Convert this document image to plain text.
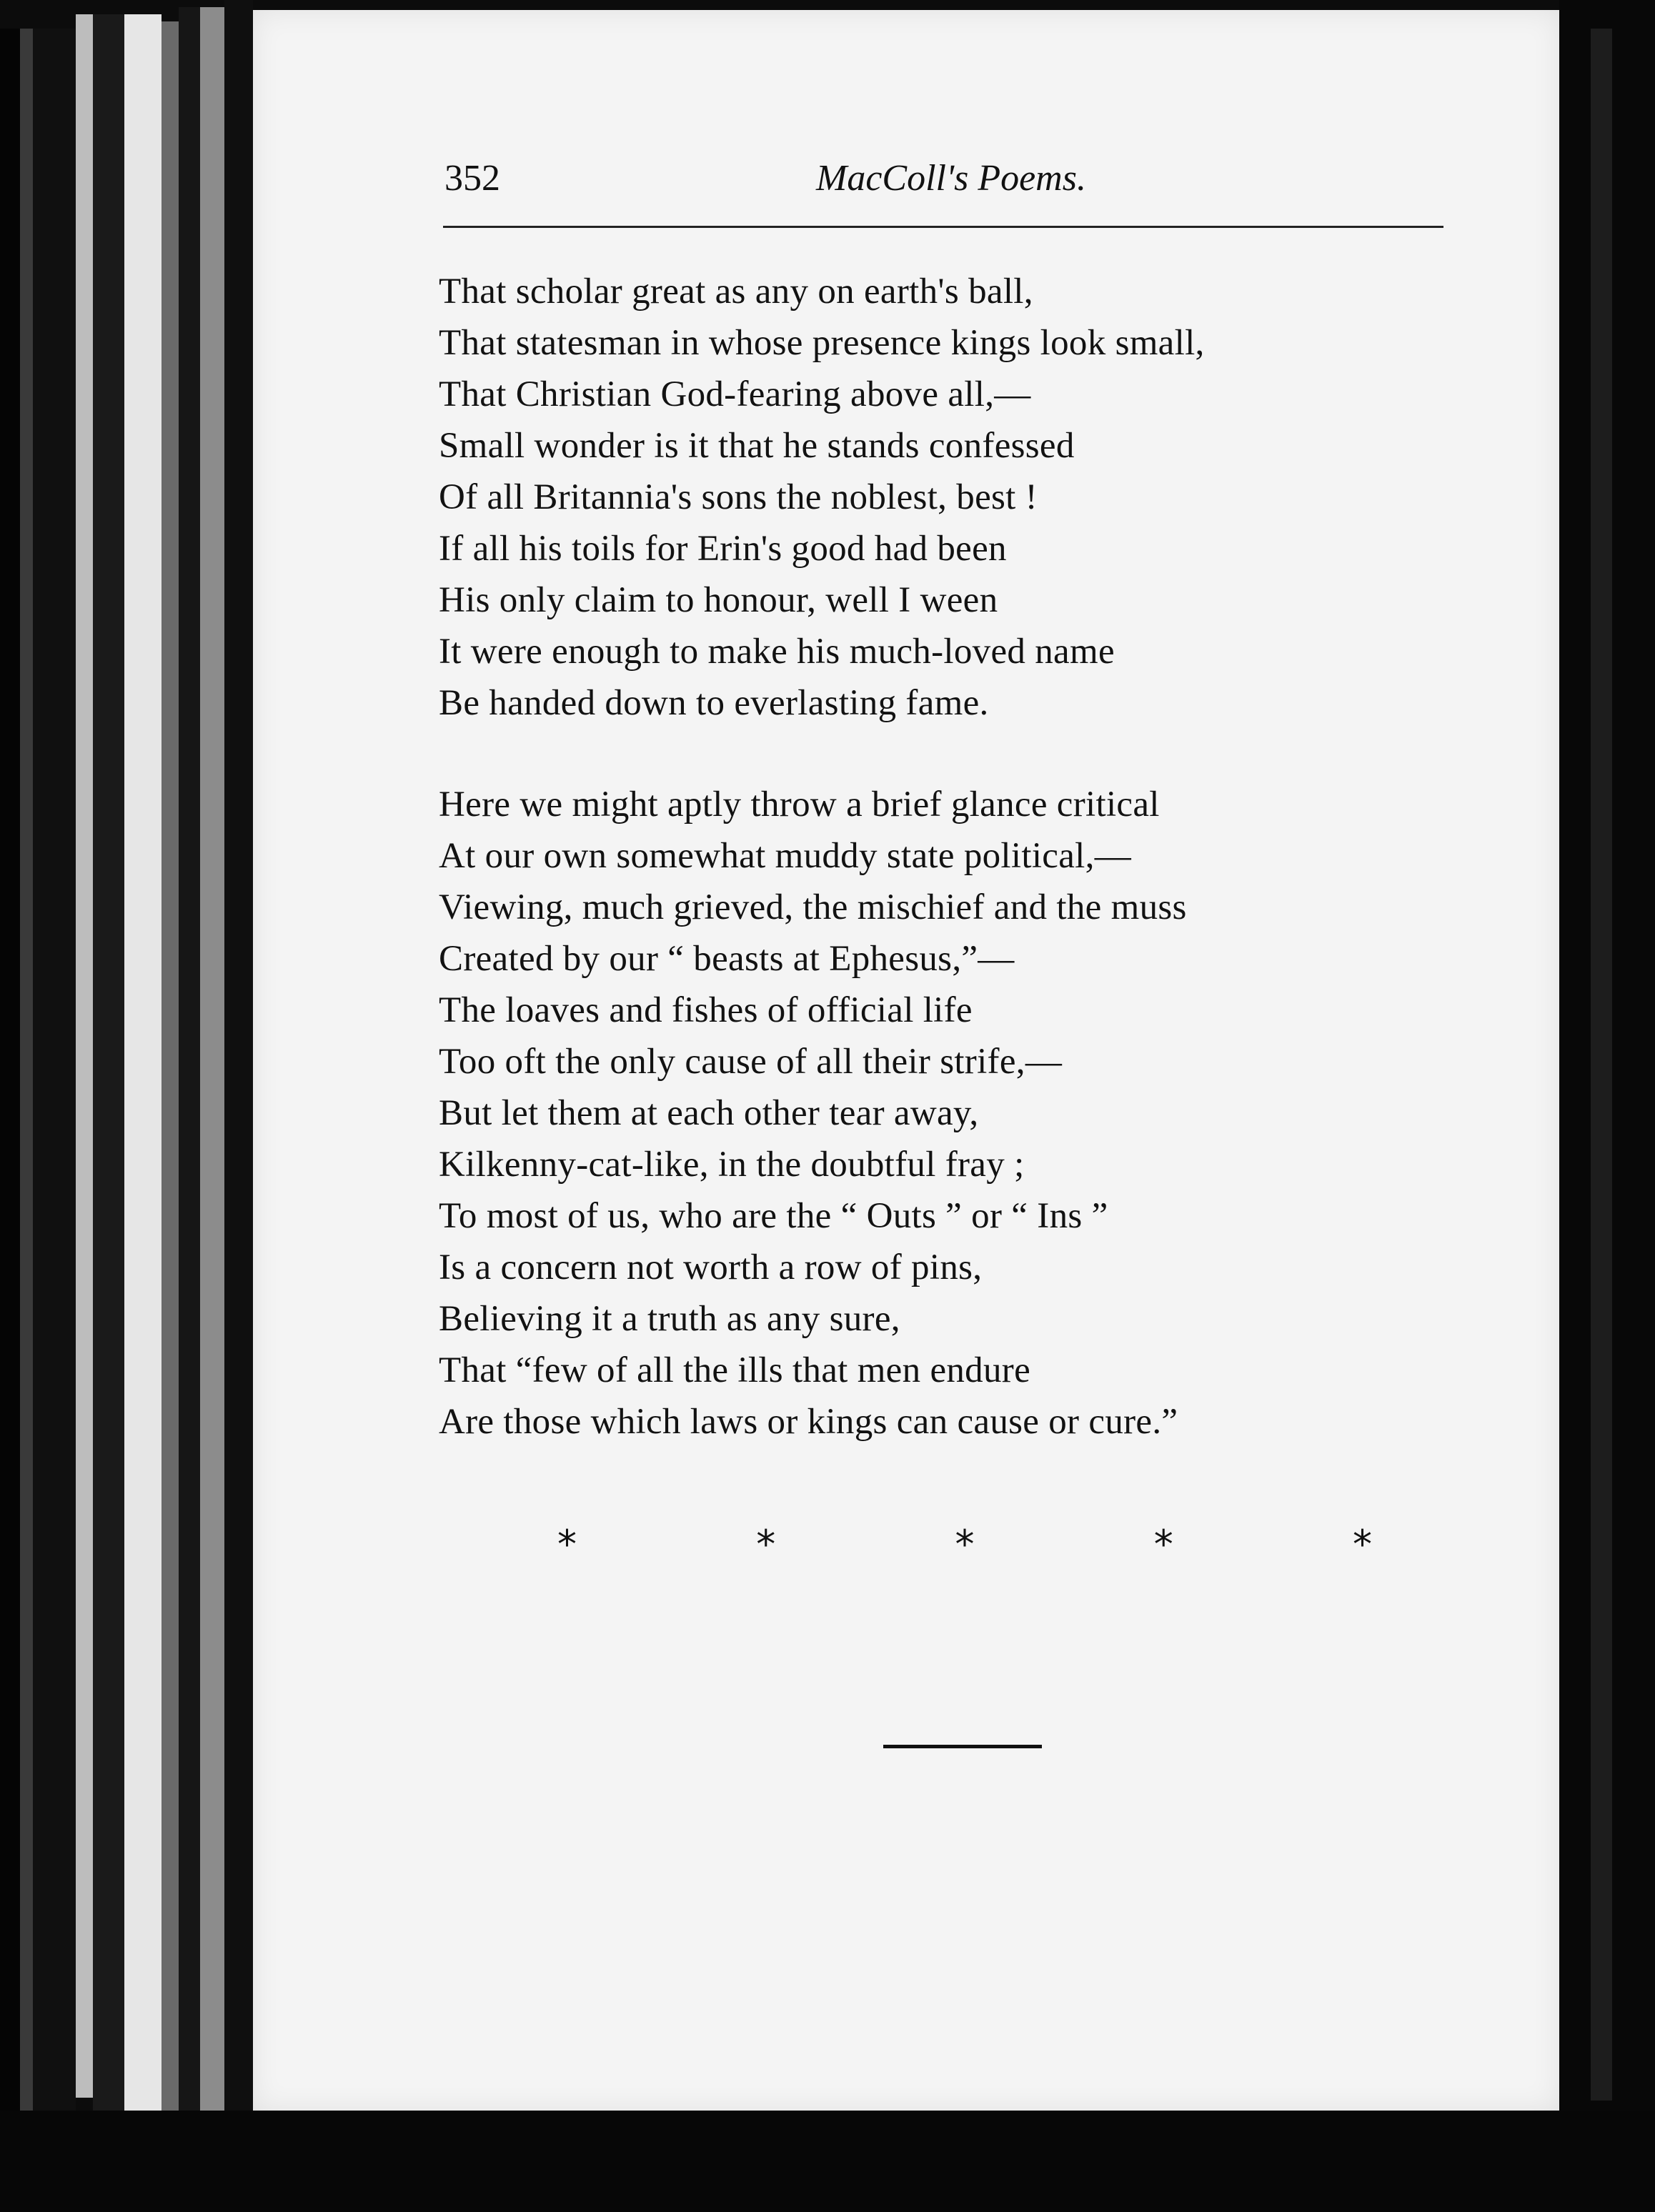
352	MacColl's Poems.
That scholar great as any on earth's ball,
That statesman in whose presence kings look small,
That Christian God-fearing above all,—
Small wonder is it that he stands confessed
Of all Britannia's sons the noblest, best !
If all his toils for Erin's good had been
His only claim to honour, well I ween
It were enough to make his much-loved name
Be handed down to everlasting fame.
Here we might aptly throw a brief glance critical
At our own somewhat muddy state political,—
Viewing, much grieved, the mischief and the muss
Created by our “ beasts at Ephesus,”—
The loaves and fishes of official life
Too oft the only cause of all their strife,—
But let them at each other tear away,
Kilkenny-cat-like, in the doubtful fray ;
To most of us, who are the “ Outs ” or “ Ins ”
Is a concern not worth a row of pins,
Believing it a truth as any sure,
That “few of all the ills that men endure
Are those which laws or kings can cause or cure.”
*	*	*	*	*
